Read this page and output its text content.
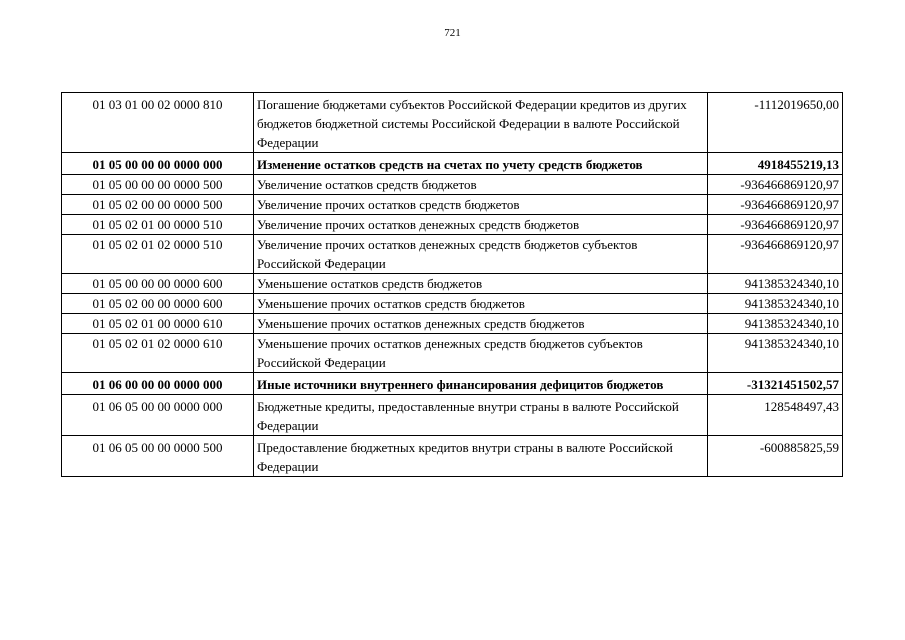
721
01 03 01 00 02 0000 810	Погашение бюджетами субъектов Российской Федерации кредитов из других бюджетов бюджетной системы Российской Федерации в валюте Российской Федерации	-1112019650,00
01 05 00 00 00 0000 000	Изменение остатков средств на счетах по учету средств бюджетов	4918455219,13
01 05 00 00 00 0000 500	Увеличение остатков средств бюджетов	-936466869120,97
01 05 02 00 00 0000 500	Увеличение прочих остатков средств бюджетов	-936466869120,97
01 05 02 01 00 0000 510	Увеличение прочих остатков денежных средств бюджетов	-936466869120,97
01 05 02 01 02 0000 510	Увеличение прочих остатков денежных средств бюджетов субъектов Российской Федерации	-936466869120,97
01 05 00 00 00 0000 600	Уменьшение остатков средств бюджетов	941385324340,10
01 05 02 00 00 0000 600	Уменьшение прочих остатков средств бюджетов	941385324340,10
01 05 02 01 00 0000 610	Уменьшение прочих остатков денежных средств бюджетов	941385324340,10
01 05 02 01 02 0000 610	Уменьшение прочих остатков денежных средств бюджетов субъектов Российской Федерации	941385324340,10
01 06 00 00 00 0000 000	Иные источники внутреннего финансирования дефицитов бюджетов	-31321451502,57
01 06 05 00 00 0000 000	Бюджетные кредиты, предоставленные внутри страны в валюте Российской Федерации	128548497,43
01 06 05 00 00 0000 500	Предоставление бюджетных кредитов внутри страны в валюте Российской Федерации	-600885825,59
